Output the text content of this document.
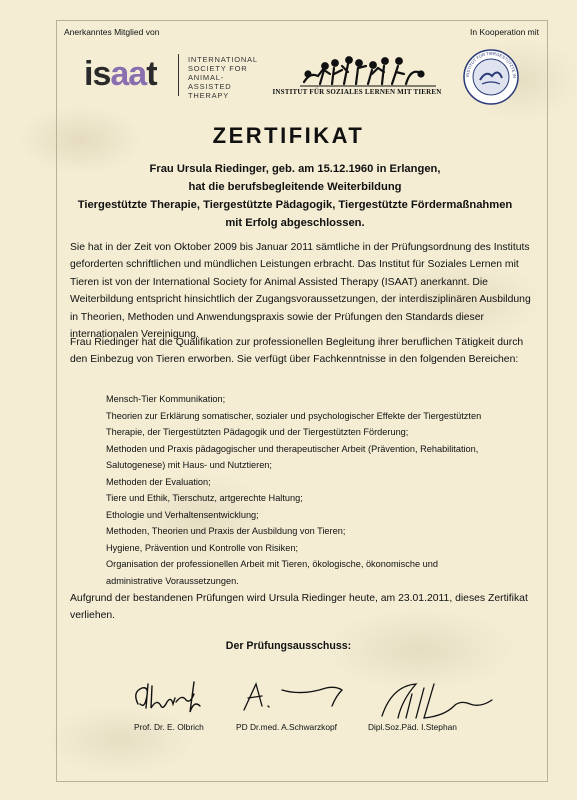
Anerkanntes Mitglied von	In Kooperation mit
isaat	INTERNATIONAL
SOCIETY FOR
ANIMAL-
ASSISTED
THERAPY	INSTITUT FÜR SOZIALES LERNEN MIT TIEREN
INSTITUT FÜR TIERGESTÜTZTE IN
ZERTIFIKAT
Frau Ursula Riedinger, geb. am 15.12.1960 in Erlangen,
hat die berufsbegleitende Weiterbildung
Tiergestützte Therapie, Tiergestützte Pädagogik, Tiergestützte Fördermaßnahmen
mit Erfolg abgeschlossen.
Sie hat in der Zeit von Oktober 2009 bis Januar 2011 sämtliche in der Prüfungsordnung des Instituts geforderten schriftlichen und mündlichen Leistungen erbracht. Das Institut für Soziales Lernen mit Tieren ist von der International Society for Animal Assisted Therapy (ISAAT) anerkannt. Die Weiterbildung entspricht hinsichtlich der Zugangsvoraussetzungen, der interdisziplinären Ausbildung in Theorien, Methoden und Anwendungspraxis sowie der Prüfungen den Standards dieser internationalen Vereinigung.
Frau Riedinger hat die Qualifikation zur professionellen Begleitung ihrer beruflichen Tätigkeit durch den Einbezug von Tieren erworben. Sie verfügt über Fachkenntnisse in den folgenden Bereichen:
Mensch-Tier Kommunikation;
Theorien zur Erklärung somatischer, sozialer und psychologischer Effekte der Tiergestützten
Therapie, der Tiergestützten Pädagogik und der Tiergestützten Förderung;
Methoden und Praxis pädagogischer und therapeutischer Arbeit (Prävention, Rehabilitation,
Salutogenese) mit Haus- und Nutztieren;
Methoden der Evaluation;
Tiere und Ethik, Tierschutz, artgerechte Haltung;
Ethologie und Verhaltensentwicklung;
Methoden, Theorien und Praxis der Ausbildung von Tieren;
Hygiene, Prävention und Kontrolle von Risiken;
Organisation der professionellen Arbeit mit Tieren, ökologische, ökonomische und
administrative Voraussetzungen.
Aufgrund der bestandenen Prüfungen wird Ursula Riedinger heute, am 23.01.2011, dieses Zertifikat verliehen.
Der Prüfungsausschuss:
Prof. Dr. E. Olbrich	PD Dr.med. A.Schwarzkopf	Dipl.Soz.Päd. I.Stephan
